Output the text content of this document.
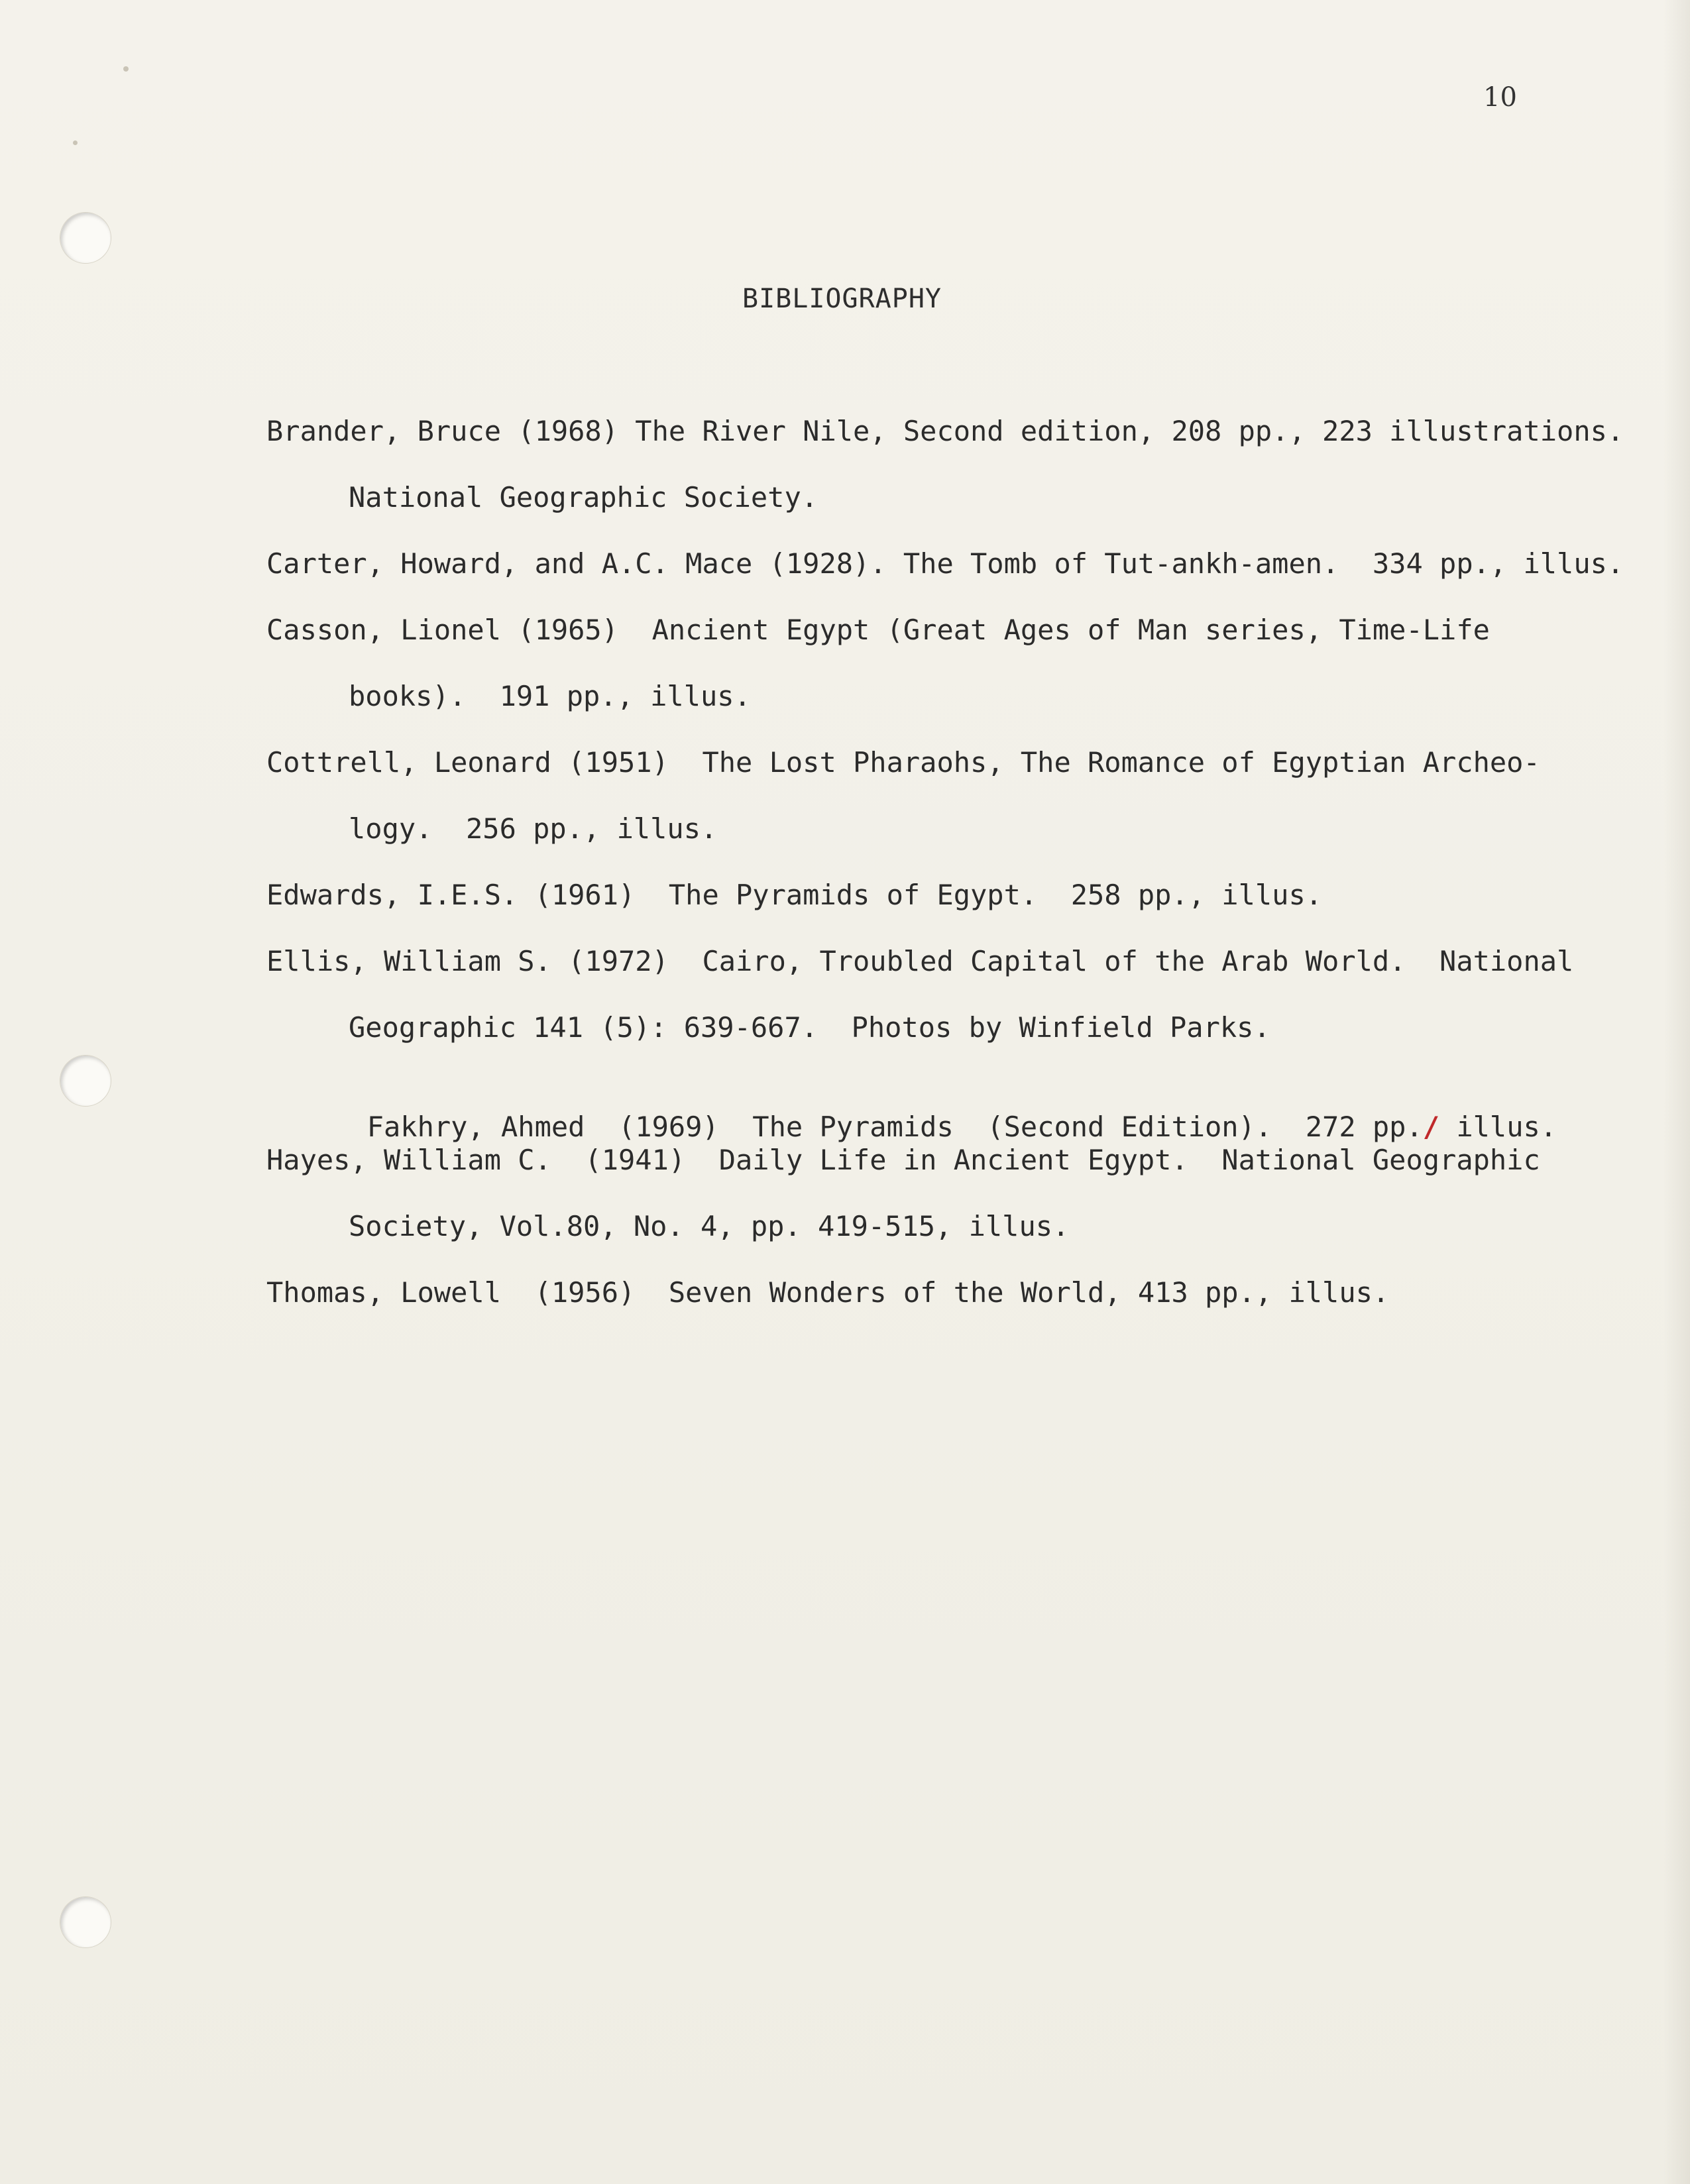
10
BIBLIOGRAPHY
Brander, Bruce (1968) The River Nile, Second edition, 208 pp., 223 illustrations.
National Geographic Society.
Carter, Howard, and A.C. Mace (1928). The Tomb of Tut-ankh-amen.  334 pp., illus.
Casson, Lionel (1965)  Ancient Egypt (Great Ages of Man series, Time-Life
books).  191 pp., illus.
Cottrell, Leonard (1951)  The Lost Pharaohs, The Romance of Egyptian Archeo-
logy.  256 pp., illus.
Edwards, I.E.S. (1961)  The Pyramids of Egypt.  258 pp., illus.
Ellis, William S. (1972)  Cairo, Troubled Capital of the Arab World.  National
Geographic 141 (5): 639-667.  Photos by Winfield Parks.

Fakhry, Ahmed  (1969)  The Pyramids  (Second Edition).  272 pp./ illus.

Hayes, William C.  (1941)  Daily Life in Ancient Egypt.  National Geographic
Society, Vol.80, No. 4, pp. 419-515, illus.
Thomas, Lowell  (1956)  Seven Wonders of the World, 413 pp., illus.
